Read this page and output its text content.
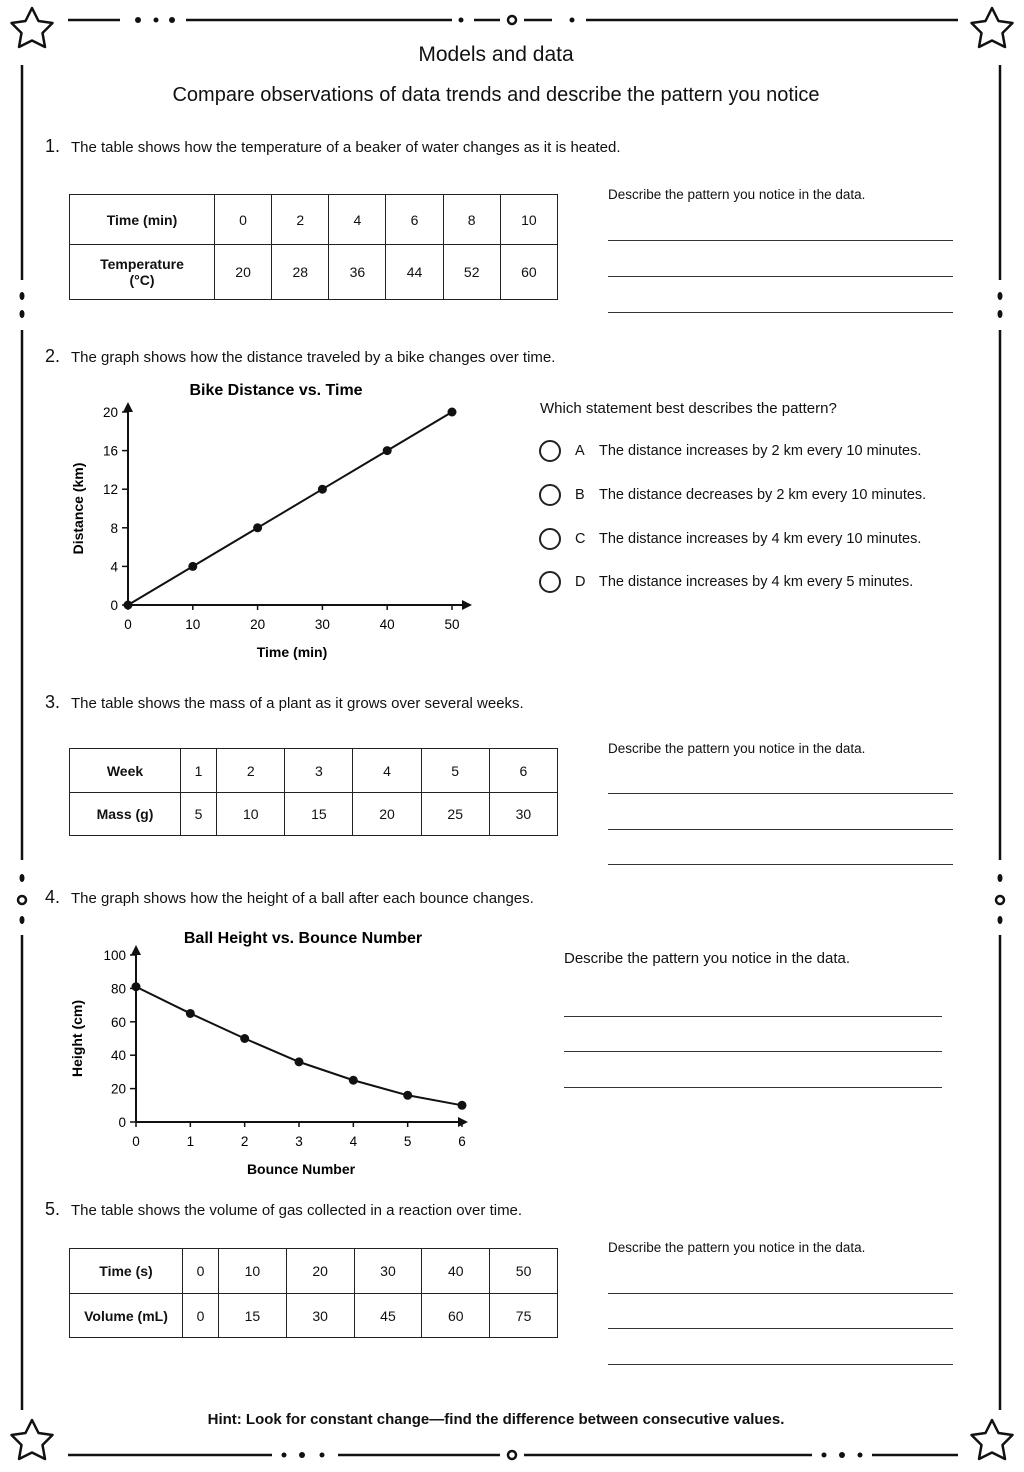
Models and data
Compare observations of data trends and describe the pattern you notice
1. The table shows how the temperature of a beaker of water changes as it is heated.
Time (min)	0	2	4	6	8	10
Temperature
(°C)	20	28	36	44	52	60
Describe the pattern you notice in the data.
2. The graph shows how the distance traveled by a bike changes over time.
Bike Distance vs. Time
0	10	20	30	40	50
0
4
8
12
16
20
Time (min)
Distance (km)
Which statement best describes the pattern?
A The distance increases by 2 km every 10 minutes.
B The distance decreases by 2 km every 10 minutes.
C The distance increases by 4 km every 10 minutes.
D The distance increases by 4 km every 5 minutes.
3. The table shows the mass of a plant as it grows over several weeks.
Week	1	2	3	4	5	6
Mass (g)	5	10	15	20	25	30
Describe the pattern you notice in the data.
4. The graph shows how the height of a ball after each bounce changes.
Ball Height vs. Bounce Number
0	1	2	3	4	5	6
0
20
40
60
80
100
Bounce Number
Height (cm)
Describe the pattern you notice in the data.
5. The table shows the volume of gas collected in a reaction over time.
Time (s)	0	10	20	30	40	50
Volume (mL)	0	15	30	45	60	75
Describe the pattern you notice in the data.
Hint: Look for constant change—find the difference between consecutive values.
